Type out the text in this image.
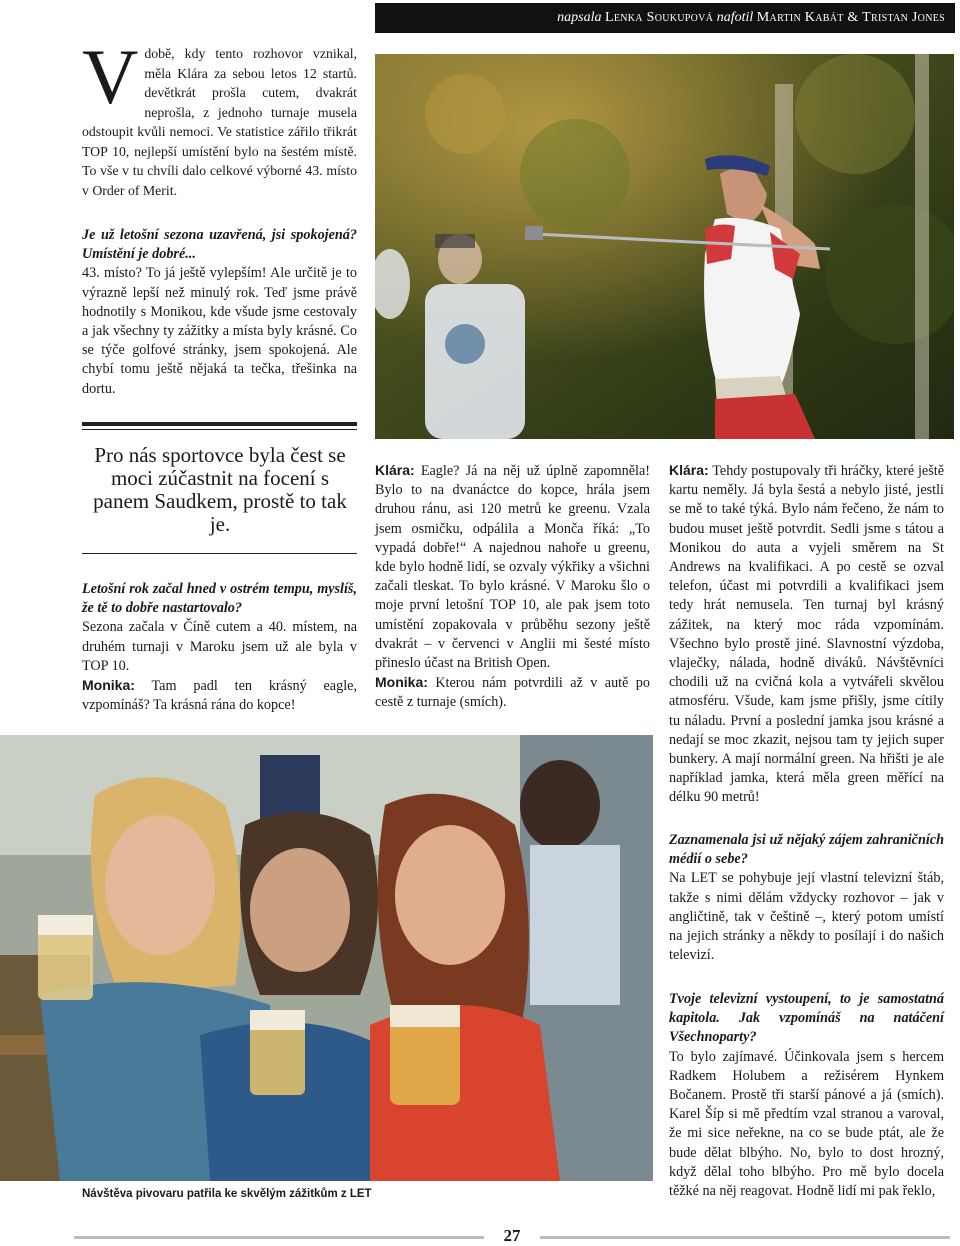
napsala Lenka Soukupová nafotil Martin Kabát & Tristan Jones
Vdobě, kdy tento rozhovor vznikal, měla Klára za sebou letos 12 startů. devětkrát prošla cutem, dvakrát neprošla, z jednoho turnaje musela odstoupit kvůli nemoci. Ve statistice zářilo třikrát TOP 10, nejlepší umístění bylo na šestém místě. To vše v tu chvíli dalo celkové výborné 43. místo v Order of Merit.

Je už letošní sezona uzavřená, jsi spokojená? Umístění je dobré...

43. místo? To já ještě vylepším! Ale určitě je to výrazně lepší než minulý rok. Teď jsme právě hodnotily s Monikou, kde všude jsme cestovaly a jak všechny ty zážitky a místa byly krásné. Co se týče golfové stránky, jsem spokojená. Ale chybí tomu ještě nějaká ta tečka, třešinka na dortu.

Pro nás sportovce byla čest se moci zúčastnit na focení s panem Saudkem, prostě to tak je.

Letošní rok začal hned v ostrém tempu, myslíš, že tě to dobře nastartovalo?

Sezona začala v Číně cutem a 40. místem, na druhém turnaji v Maroku jsem už ale byla v TOP 10.

Monika: Tam padl ten krásný eagle, vzpomínáš? Ta krásná rána do kopce!

Klára: Eagle? Já na něj už úplně zapomněla! Bylo to na dvanáctce do kopce, hrála jsem druhou ránu, asi 120 metrů ke greenu. Vzala jsem osmičku, odpálila a Monča říká: „To vypadá dobře!“ A najednou nahoře u greenu, kde bylo hodně lidí, se ozvaly výkřiky a všichni začali tleskat. To bylo krásné. V Maroku šlo o moje první letošní TOP 10, ale pak jsem toto umístění zopakovala v průběhu sezony ještě dvakrát – v červenci v Anglii mi šesté místo přineslo účast na British Open.

Monika: Kterou nám potvrdili až v autě po cestě z turnaje (smích).

Klára: Tehdy postupovaly tři hráčky, které ještě kartu neměly. Já byla šestá a nebylo jisté, jestli se mě to také týká. Bylo nám řečeno, že nám to budou muset ještě potvrdit. Sedli jsme s tátou a Monikou do auta a vyjeli směrem na St Andrews na kvalifikaci. A po cestě se ozval telefon, účast mi potvrdili a kvalifikaci jsem tedy hrát nemusela. Ten turnaj byl krásný zážitek, na který moc ráda vzpomínám. Všechno bylo prostě jiné. Slavnostní výzdoba, vlaječky, nálada, hodně diváků. Návštěvníci chodili už na cvičná kola a vytvářeli skvělou atmosféru. Všude, kam jsme přišly, jsme cítily tu náladu. První a poslední jamka jsou krásné a nedají se moc zkazit, nejsou tam ty jejich super bunkery. A mají normální green. Na hřišti je ale například jamka, která měla green měřící na délku 90 metrů!

Zaznamenala jsi už nějaký zájem zahraničních médií o sebe?

Na LET se pohybuje její vlastní televizní štáb, takže s nimi dělám vždycky rozhovor – jak v angličtině, tak v češtině –, který potom umístí na jejich stránky a někdy to posílají i do našich televizí.

Tvoje televizní vystoupení, to je samostatná kapitola. Jak vzpomínáš na natáčení Všechnoparty?

To bylo zajímavé. Účinkovala jsem s hercem Radkem Holubem a režisérem Hynkem Bočanem. Prostě tři starší pánové a já (smích). Karel Šíp si mě předtím vzal stranou a varoval, že mi sice neřekne, na co se bude ptát, ale že bude dělat blbýho. No, bylo to dost hrozný, když dělal toho blbýho. Pro mě bylo docela těžké na něj reagovat. Hodně lidí mi pak řeklo,

Návštěva pivovaru patřila ke skvělým zážitkům z LET
27
